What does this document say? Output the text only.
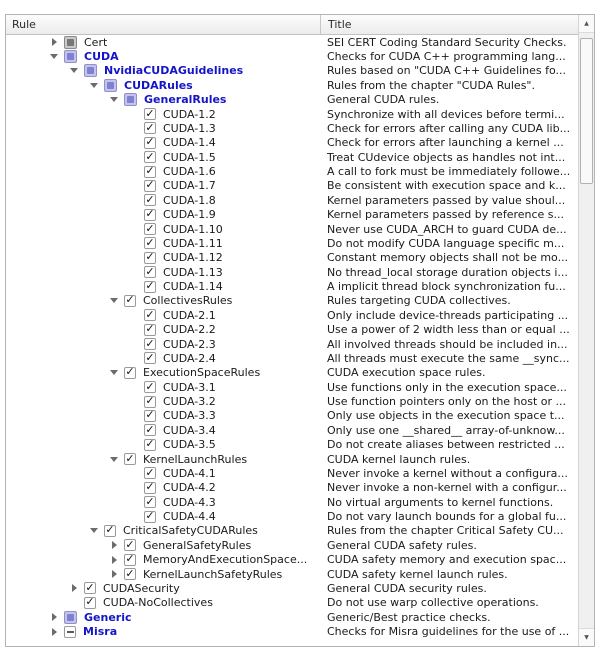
Rule	Title
Cert	SEI CERT Coding Standard Security Checks.
CUDA	Checks for CUDA C++ programming lang...
NvidiaCUDAGuidelines	Rules based on "CUDA C++ Guidelines fo...
CUDARules	Rules from the chapter "CUDA Rules".
GeneralRules	General CUDA rules.
✓ CUDA-1.2	Synchronize with all devices before termi...
✓ CUDA-1.3	Check for errors after calling any CUDA lib...
✓ CUDA-1.4	Check for errors after launching a kernel ...
✓ CUDA-1.5	Treat CUdevice objects as handles not int...
✓ CUDA-1.6	A call to fork must be immediately followe...
✓ CUDA-1.7	Be consistent with execution space and k...
✓ CUDA-1.8	Kernel parameters passed by value shoul...
✓ CUDA-1.9	Kernel parameters passed by reference s...
✓ CUDA-1.10	Never use CUDA_ARCH to guard CUDA de...
✓ CUDA-1.11	Do not modify CUDA language specific m...
✓ CUDA-1.12	Constant memory objects shall not be mo...
✓ CUDA-1.13	No thread_local storage duration objects i...
✓ CUDA-1.14	A implicit thread block synchronization fu...
✓ CollectivesRules	Rules targeting CUDA collectives.
✓ CUDA-2.1	Only include device-threads participating ...
✓ CUDA-2.2	Use a power of 2 width less than or equal ...
✓ CUDA-2.3	All involved threads should be included in...
✓ CUDA-2.4	All threads must execute the same __sync...
✓ ExecutionSpaceRules	CUDA execution space rules.
✓ CUDA-3.1	Use functions only in the execution space...
✓ CUDA-3.2	Use function pointers only on the host or ...
✓ CUDA-3.3	Only use objects in the execution space t...
✓ CUDA-3.4	Only use one __shared__ array-of-unknow...
✓ CUDA-3.5	Do not create aliases between restricted ...
✓ KernelLaunchRules	CUDA kernel launch rules.
✓ CUDA-4.1	Never invoke a kernel without a configura...
✓ CUDA-4.2	Never invoke a non-kernel with a configur...
✓ CUDA-4.3	No virtual arguments to kernel functions.
✓ CUDA-4.4	Do not vary launch bounds for a global fu...
✓ CriticalSafetyCUDARules	Rules from the chapter Critical Safety CU...
✓ GeneralSafetyRules	General CUDA safety rules.
✓ MemoryAndExecutionSpace...	CUDA safety memory and execution spac...
✓ KernelLaunchSafetyRules	CUDA safety kernel launch rules.
✓ CUDASecurity	General CUDA security rules.
✓ CUDA-NoCollectives	Do not use warp collective operations.
Generic	Generic/Best practice checks.
Misra	Checks for Misra guidelines for the use of ...
▲
▼
